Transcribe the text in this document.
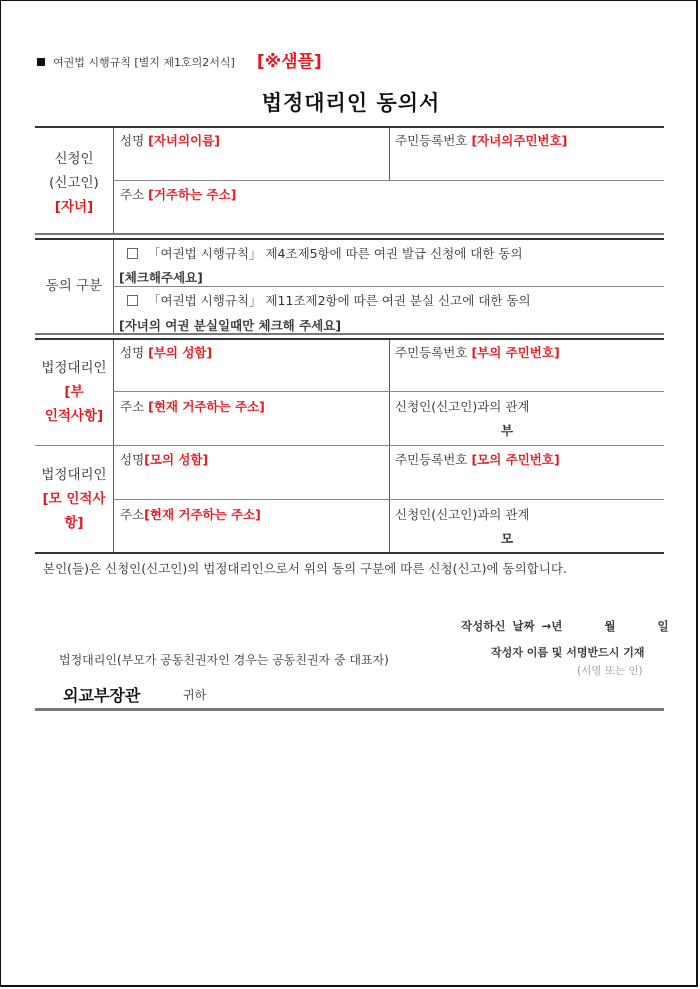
여권법 시행규칙 [별지 제1호의2서식] [※샘플]
법정대리인 동의서
신청인
(신고인)
[자녀]
성명 [자녀의이름]	주민등록번호 [자녀의주민번호]
주소 [거주하는 주소]
동의 구분
「여권법 시행규칙」 제4조제5항에 따른 여권 발급 신청에 대한 동의
[체크해주세요]
「여권법 시행규칙」 제11조제2항에 따른 여권 분실 신고에 대한 동의
[자녀의 여권 분실일때만 체크해 주세요]
법정대리인
[부
인적사항]
성명 [부의 성함]	주민등록번호 [부의 주민번호]
주소 [현재 거주하는 주소]	신청인(신고인)과의 관계
부
법정대리인
[모 인적사
항]
성명[모의 성함]	주민등록번호 [모의 주민번호]
주소[현재 거주하는 주소]	신청인(신고인)과의 관계
모
본인(들)은 신청인(신고인)의 법정대리인으로서 위의 동의 구분에 따른 신청(신고)에 동의합니다.
작성하신 날짜 →년      월      일
법정대리인(부모가 공동친권자인 경우는 공동친권자 중 대표자)
작성자 이름 및 서명반드시 기재
(서명 또는 인)
외교부장관	귀하
